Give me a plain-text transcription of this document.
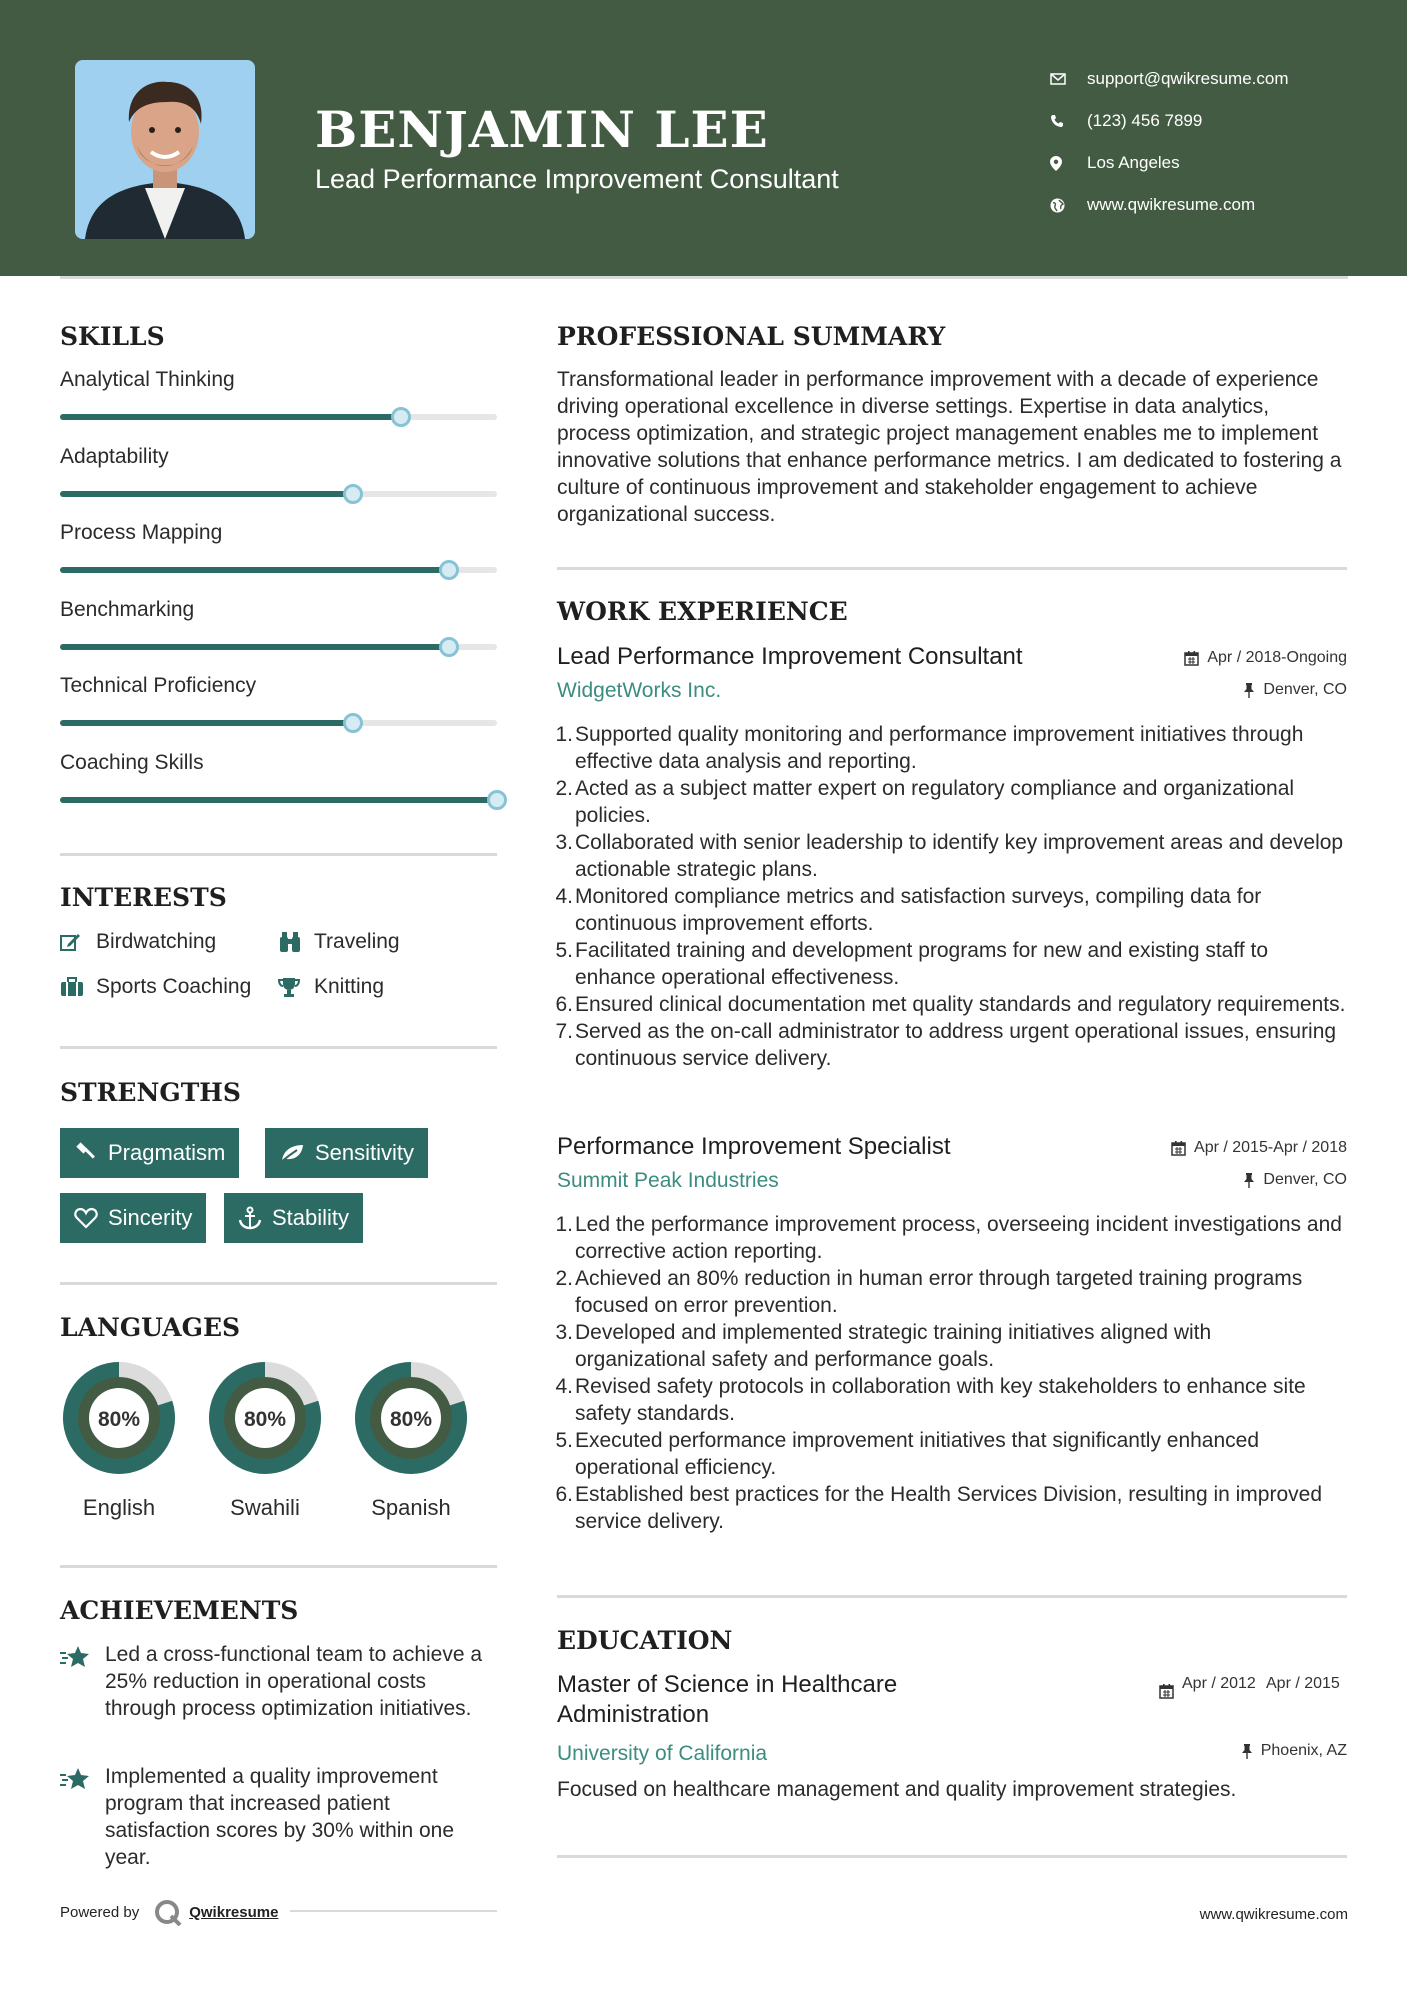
BENJAMIN LEE
Lead Performance Improvement Consultant
support@qwikresume.com
(123) 456 7899
Los Angeles
www.qwikresume.com
SKILLS
Analytical Thinking
Adaptability
Process Mapping
Benchmarking
Technical Proficiency
Coaching Skills
INTERESTS
Birdwatching	Traveling
Sports Coaching	Knitting
STRENGTHS
Pragmatism	Sensitivity
Sincerity	Stability
LANGUAGES
80%
English
80%
Swahili
80%
Spanish
ACHIEVEMENTS

Led a cross-functional team to achieve a 25% reduction in operational costs through process optimization initiatives.

Implemented a quality improvement program that increased patient satisfaction scores by 30% within one year.

PROFESSIONAL SUMMARY
Transformational leader in performance improvement with a decade of experience driving operational excellence in diverse settings. Expertise in data analytics, process optimization, and strategic project management enables me to implement innovative solutions that enhance performance metrics. I am dedicated to fostering a culture of continuous improvement and stakeholder engagement to achieve organizational success.
WORK EXPERIENCE
Lead Performance Improvement Consultant
WidgetWorks Inc.
Apr / 2018-Ongoing
Denver, CO
1. Supported quality monitoring and performance improvement initiatives through effective data analysis and reporting.
2. Acted as a subject matter expert on regulatory compliance and organizational policies.
3. Collaborated with senior leadership to identify key improvement areas and develop actionable strategic plans.
4. Monitored compliance metrics and satisfaction surveys, compiling data for continuous improvement efforts.
5. Facilitated training and development programs for new and existing staff to enhance operational effectiveness.
6. Ensured clinical documentation met quality standards and regulatory requirements.
7. Served as the on-call administrator to address urgent operational issues, ensuring continuous service delivery.
Performance Improvement Specialist
Summit Peak Industries
Apr / 2015-Apr / 2018
Denver, CO
1. Led the performance improvement process, overseeing incident investigations and corrective action reporting.
2. Achieved an 80% reduction in human error through targeted training programs focused on error prevention.
3. Developed and implemented strategic training initiatives aligned with organizational safety and performance goals.
4. Revised safety protocols in collaboration with key stakeholders to enhance site safety standards.
5. Executed performance improvement initiatives that significantly enhanced operational efficiency.
6. Established best practices for the Health Services Division, resulting in improved service delivery.
EDUCATION
Master of Science in Healthcare Administration
University of California
Apr / 2012 Apr / 2015
Phoenix, AZ
Focused on healthcare management and quality improvement strategies.
Powered by	Qwikresume	www.qwikresume.com
